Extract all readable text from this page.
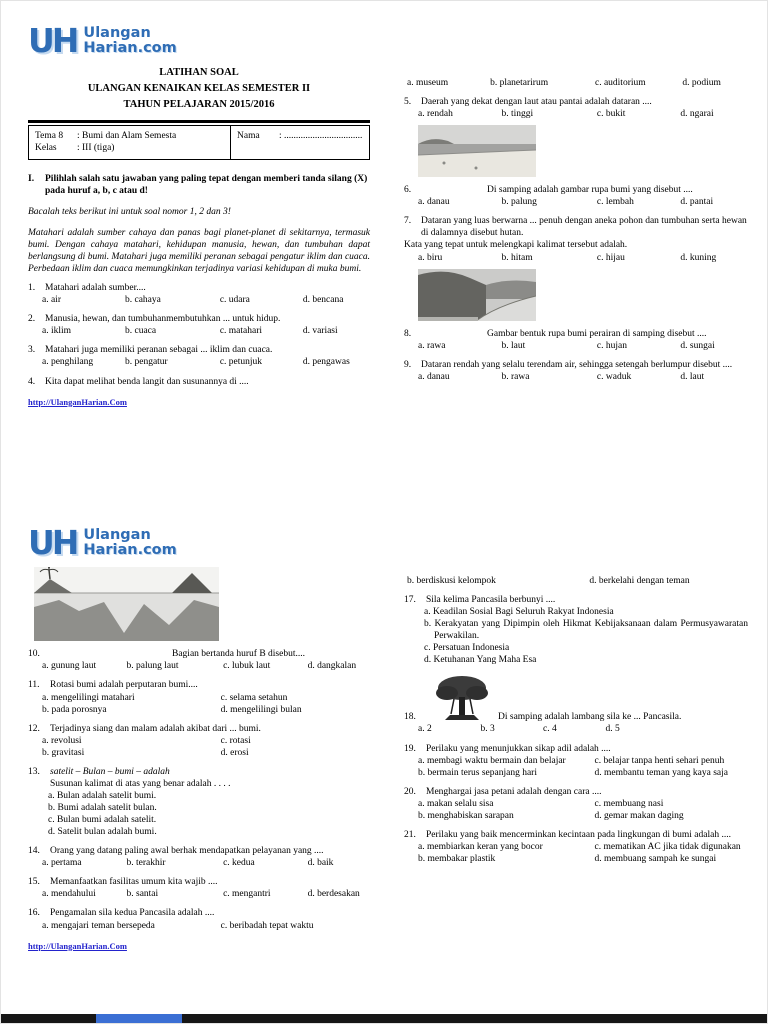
UH Ulangan
Harian.com
LATIHAN SOAL
ULANGAN KENAIKAN KELAS SEMESTER II
TAHUN PELAJARAN 2015/2016
Tema 8	: Bumi dan Alam Semesta
Kelas	: III (tiga)
Nama	: .................................
I.	Pilihlah salah satu jawaban yang paling tepat dengan memberi tanda silang (X) pada huruf a, b, c atau d!
Bacalah teks berikut ini untuk soal nomor 1, 2 dan 3!
Matahari adalah sumber cahaya dan panas bagi planet-planet di sekitarnya, termasuk bumi. Dengan cahaya matahari, kehidupan manusia, hewan, dan tumbuhan dapat berlangsung di bumi. Matahari juga memiliki peranan sebagai pengatur iklim dan cuaca. Perbedaan iklim dan cuaca memungkinkan terjadinya variasi kehidupan di muka bumi.
1.	Matahari adalah sumber....
a. air	b. cahaya	c. udara	d. bencana
2.	Manusia, hewan, dan tumbuhanmembutuhkan ... untuk hidup.
a. iklim	b. cuaca	c. matahari	d. variasi
3.	Matahari juga memiliki peranan sebagai ... iklim dan cuaca.
a. penghilang	b. pengatur	c. petunjuk	d. pengawas
4.	Kita dapat melihat benda langit dan susunannya di ....
http://UlanganHarian.Com
a. museum	b. planetarirum	c. auditorium	d. podium
5.	Daerah yang dekat dengan laut atau pantai adalah dataran ....
a. rendah	b. tinggi	c. bukit	d. ngarai
6.	Di samping adalah gambar rupa bumi yang disebut ....
a. danau	b. palung	c. lembah	d. pantai
7.	Dataran yang luas berwarna ... penuh dengan aneka pohon dan tumbuhan serta hewan di dalamnya disebut hutan.
Kata yang tepat untuk melengkapi kalimat tersebut adalah.
a. biru	b. hitam	c. hijau	d. kuning
8.	Gambar bentuk rupa bumi perairan di samping disebut ....
a. rawa	b. laut	c. hujan	d. sungai
9.	Dataran rendah yang selalu terendam air, sehingga setengah berlumpur disebut ....
a. danau	b. rawa	c. waduk	d. laut
UH Ulangan
Harian.com
10.	Bagian bertanda huruf B disebut....
a. gunung laut	b. palung laut	c. lubuk laut	d. dangkalan
11.	Rotasi bumi adalah perputaran bumi....
a. mengelilingi matahari	c. selama setahun
b. pada porosnya	d. mengelilingi bulan
12.	Terjadinya siang dan malam adalah akibat dari ... bumi.
a. revolusi	c. rotasi
b. gravitasi	d. erosi
13.	satelit – Bulan – bumi – adalah
Susunan kalimat di atas yang benar adalah . . . .
a. Bulan adalah satelit bumi.
b. Bumi adalah satelit bulan.
c. Bulan bumi adalah satelit.
d. Satelit bulan adalah bumi.
14.	Orang yang datang paling awal berhak mendapatkan pelayanan yang ....
a. pertama	b. terakhir	c. kedua	d. baik
15.	Memanfaatkan fasilitas umum kita wajib ....
a. mendahului	b. santai	c. mengantri	d. berdesakan
16.	Pengamalan sila kedua Pancasila adalah ....
a. mengajari teman bersepeda	c. beribadah tepat waktu
http://UlanganHarian.Com
b. berdiskusi kelompok	d. berkelahi dengan teman
17.	Sila kelima Pancasila berbunyi ....
a. Keadilan Sosial Bagi Seluruh Rakyat Indonesia
b. Kerakyatan yang Dipimpin oleh Hikmat Kebijaksanaan dalam Permusyawaratan
Perwakilan.
c. Persatuan Indonesia
d. Ketuhanan Yang Maha Esa
18.	Di samping adalah lambang sila ke ... Pancasila.
a. 2	b. 3	c. 4	d. 5
19.	Perilaku yang menunjukkan sikap adil adalah ....
a. membagi waktu bermain dan belajar	c. belajar tanpa henti sehari penuh
b. bermain terus sepanjang hari	d. membantu teman yang kaya saja
20.	Menghargai jasa petani adalah dengan cara ....
a. makan selalu sisa	c. membuang nasi
b. menghabiskan sarapan	d. gemar makan daging
21.	Perilaku yang baik mencerminkan kecintaan pada lingkungan di bumi adalah ....
a. membiarkan keran yang bocor	c. mematikan AC jika tidak digunakan
b. membakar plastik	d. membuang sampah ke sungai
